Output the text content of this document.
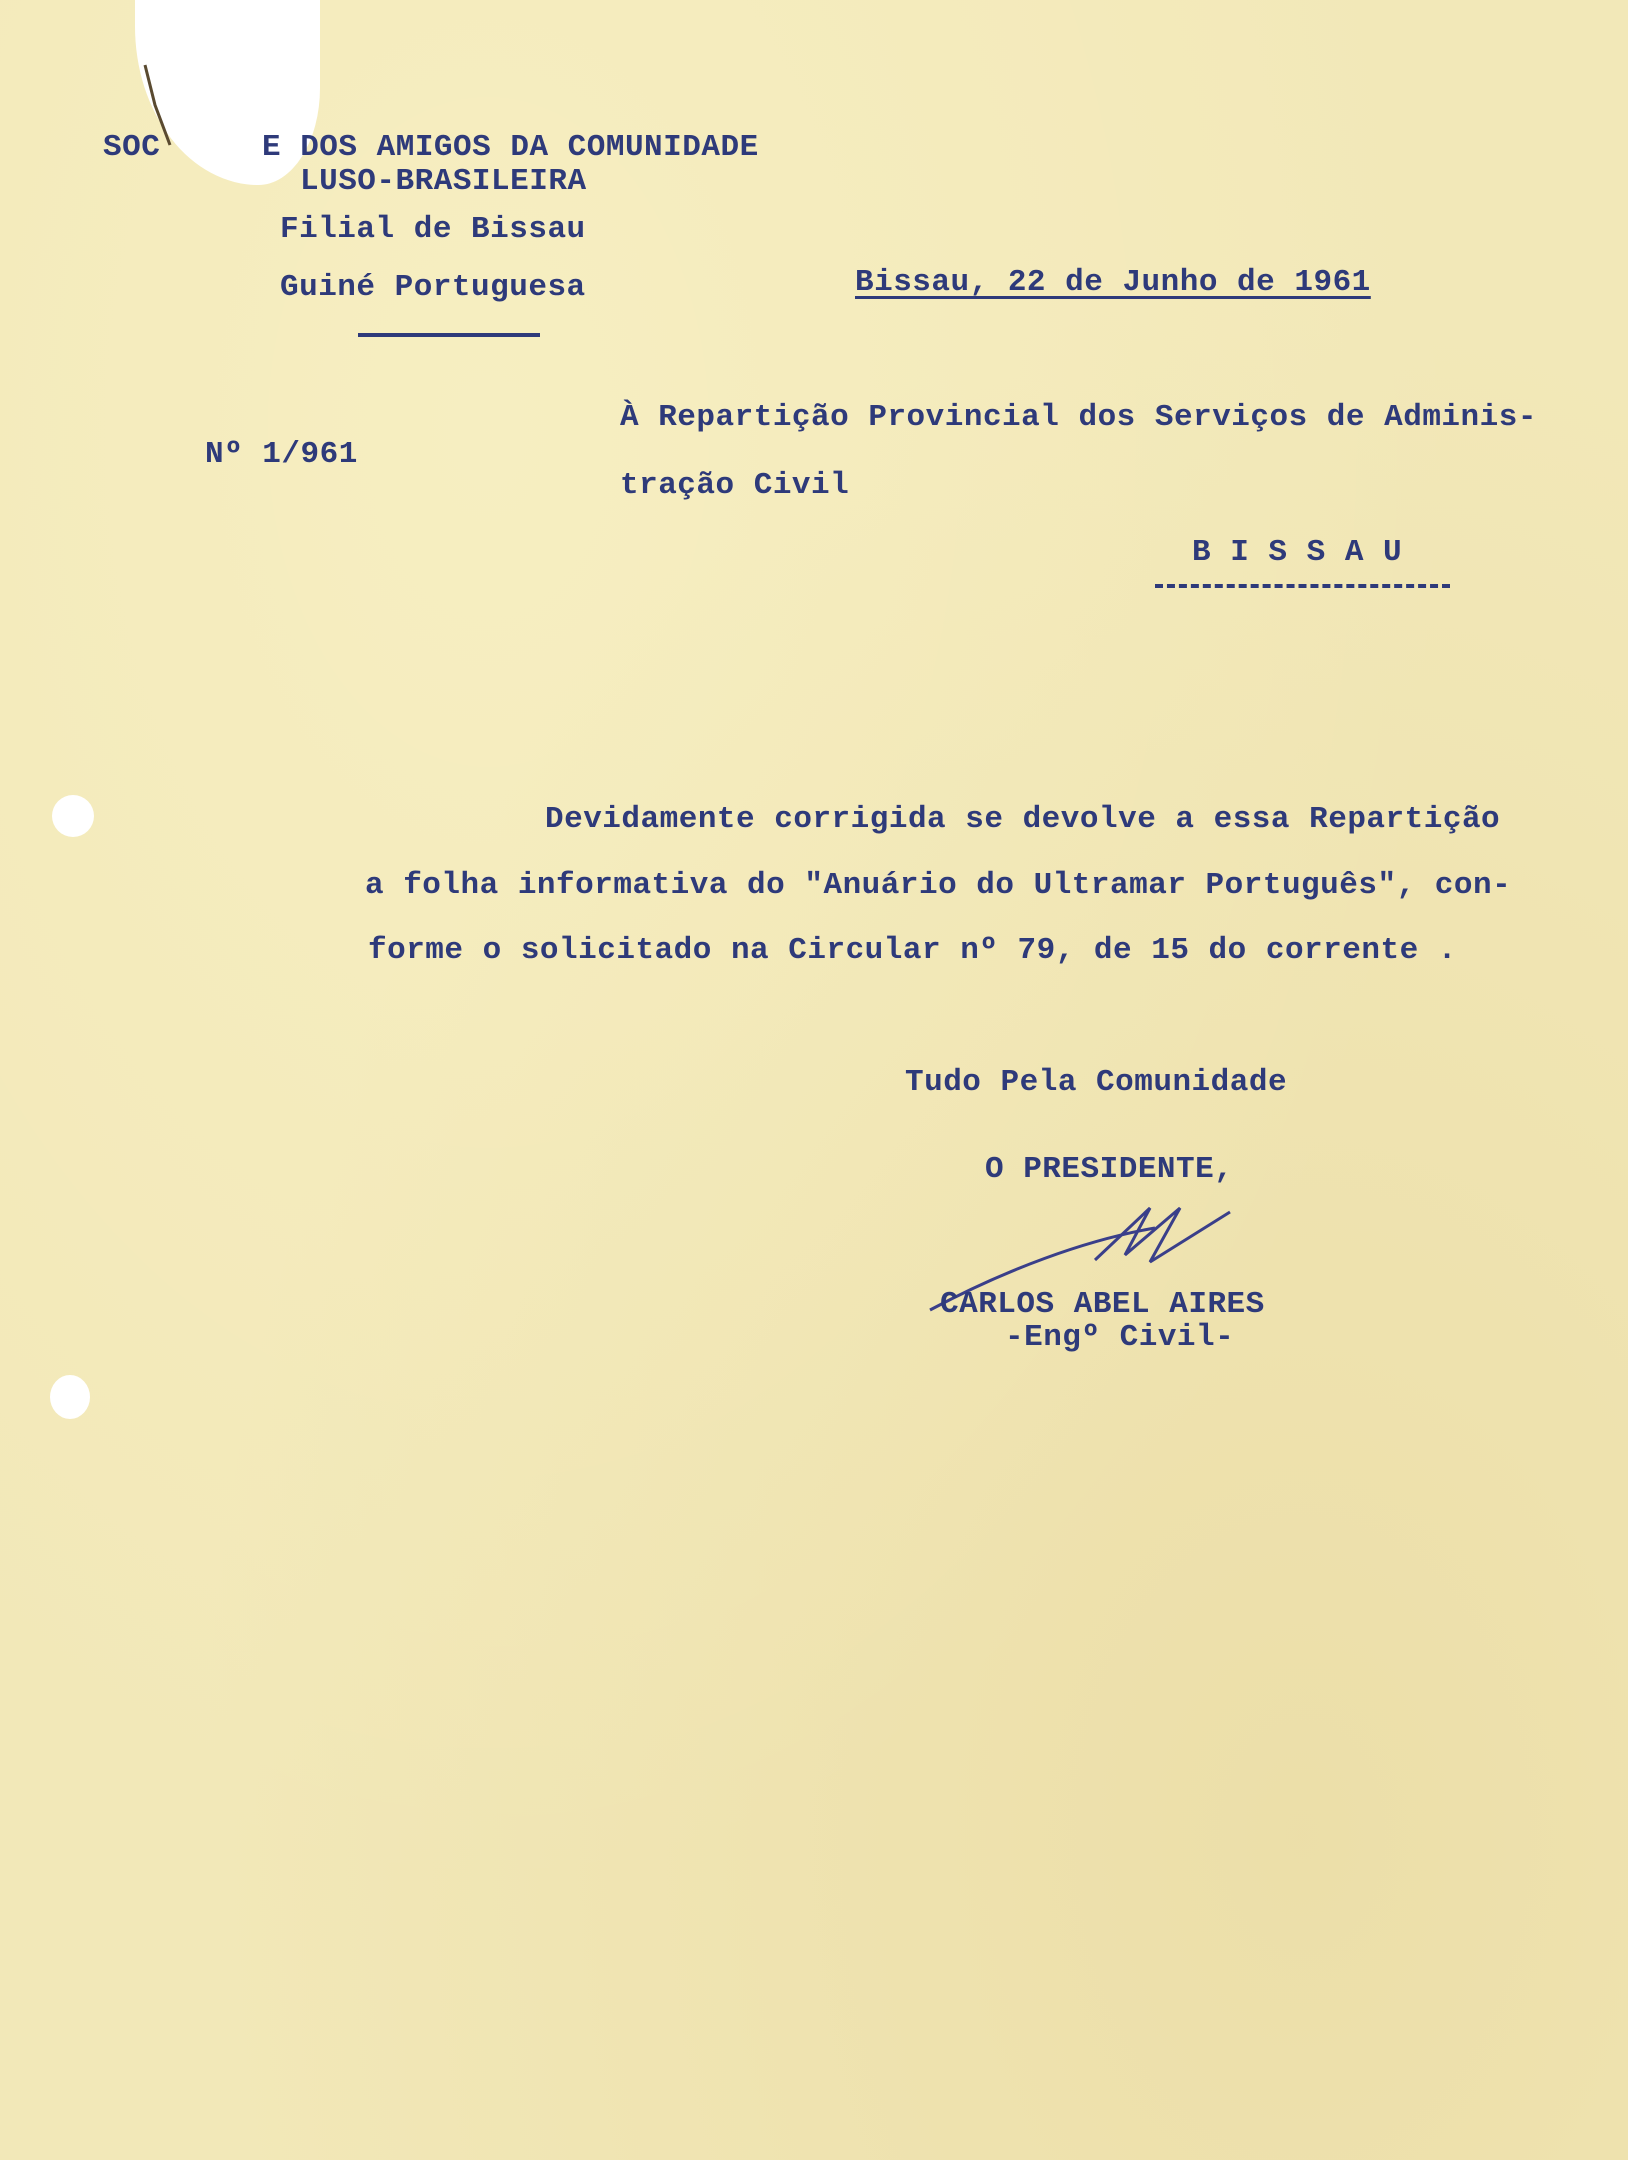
SOC	E DOS AMIGOS DA COMUNIDADE
LUSO-BRASILEIRA
Filial de Bissau
Guiné Portuguesa	Bissau, 22 de Junho de 1961
Nº 1/961
À Repartição Provincial dos Serviços de Adminis-
tração Civil
B I S S A U
Devidamente corrigida se devolve a essa Repartição
a folha informativa do "Anuário do Ultramar Português", con-
forme o solicitado na Circular nº 79, de 15 do corrente .
Tudo Pela Comunidade
O PRESIDENTE,
CARLOS ABEL AIRES
-Engº Civil-
